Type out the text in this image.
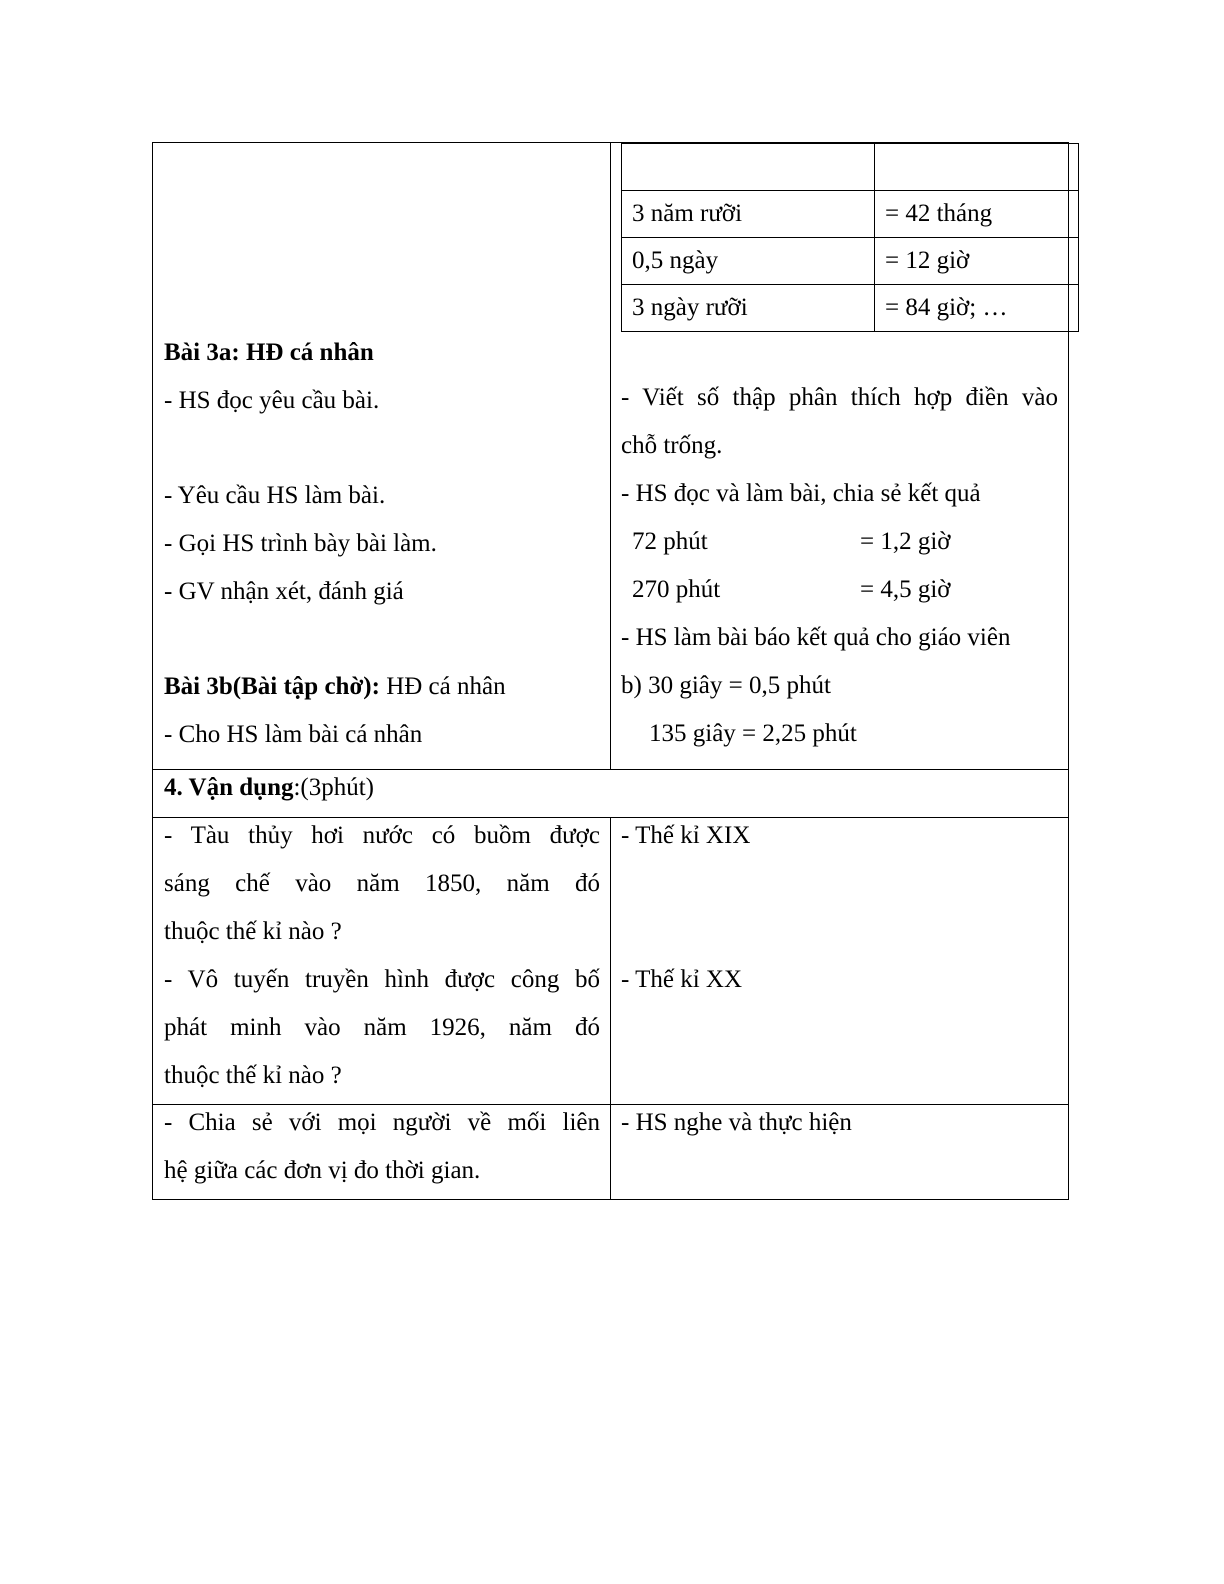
Bài 3a: HĐ cá nhân
- HS đọc yêu cầu bài.
- Yêu cầu HS làm bài.
- Gọi HS trình bày bài làm.
- GV nhận xét, đánh giá
Bài 3b(Bài tập chờ): HĐ cá nhân
- Cho HS làm bài cá nhân

3 năm rưỡi	= 42 tháng
0,5 ngày	= 12 giờ
3 ngày rưỡi	= 84 giờ; …
- Viết số thập phân thích hợp điền vào
chỗ trống.
- HS đọc và làm bài, chia sẻ kết quả
72 phút	= 1,2 giờ
270 phút	= 4,5 giờ
- HS làm bài báo kết quả cho giáo viên
b) 30 giây = 0,5 phút
135 giây = 2,25 phút

4. Vận dụng:(3phút)

- Tàu thủy hơi nước có buồm được
sáng chế vào năm 1850, năm đó
thuộc thế kỉ nào ?
- Vô tuyến truyền hình được công bố
phát minh vào năm 1926, năm đó
thuộc thế kỉ nào ?

- Thế kỉ XIX
- Thế kỉ XX

- Chia sẻ với mọi người về mối liên
hệ giữa các đơn vị đo thời gian.

- HS nghe và thực hiện
